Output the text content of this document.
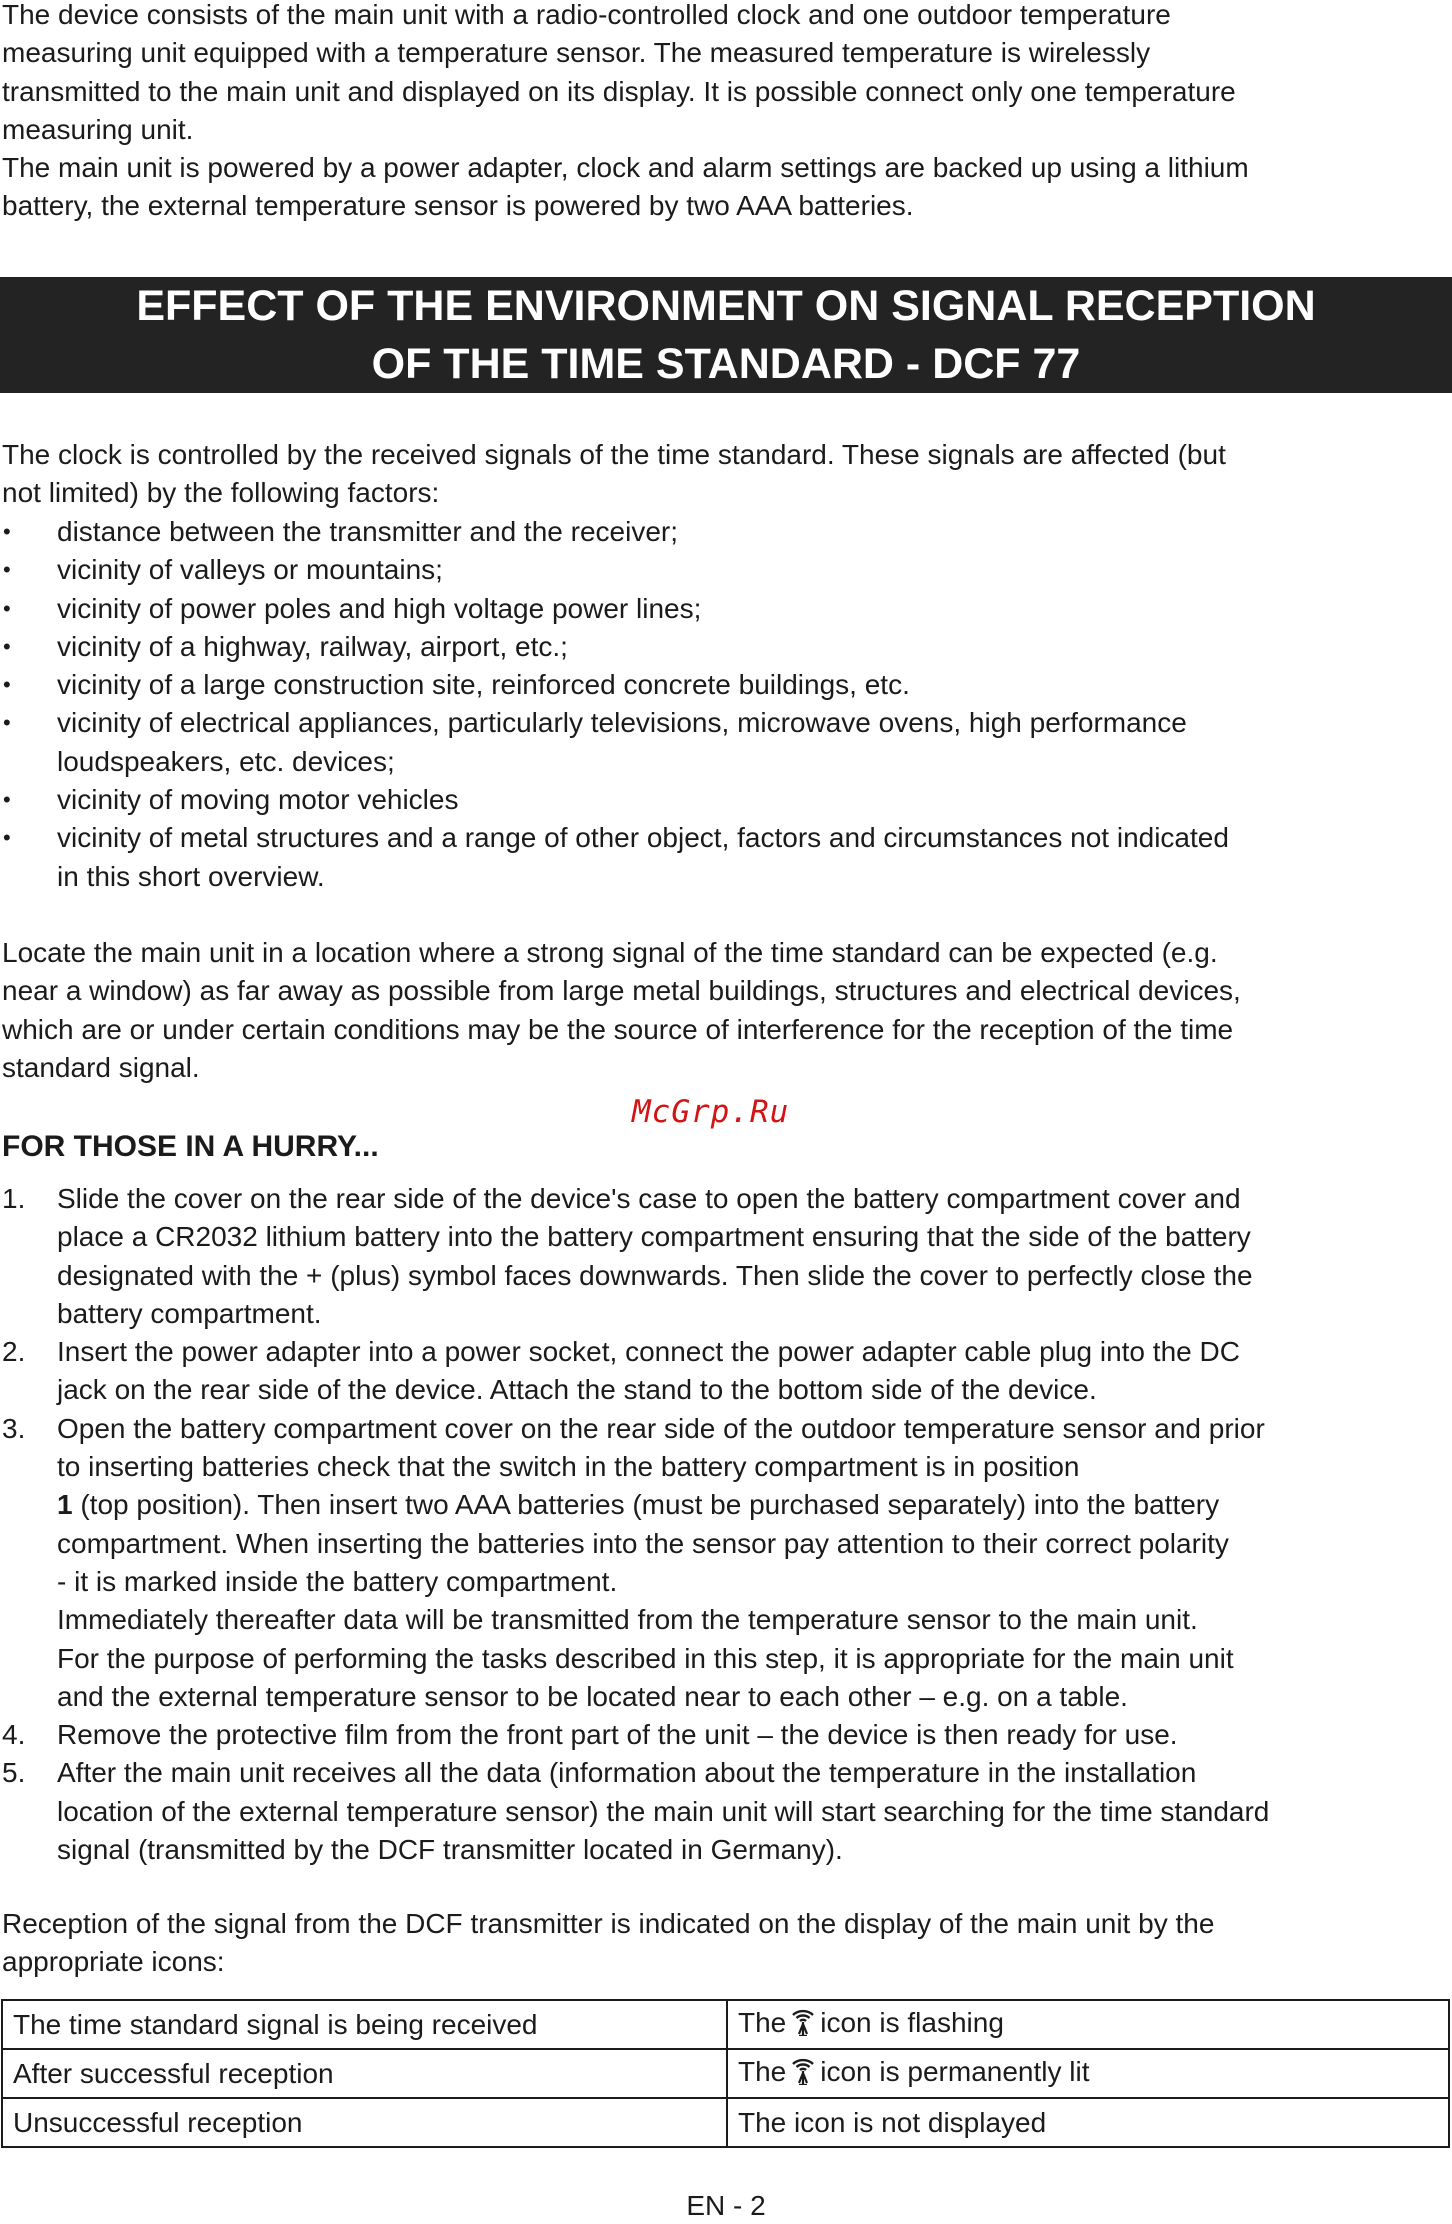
The device consists of the main unit with a radio-controlled clock and one outdoor temperature
measuring unit equipped with a temperature sensor. The measured temperature is wirelessly
transmitted to the main unit and displayed on its display. It is possible connect only one temperature
measuring unit.

The main unit is powered by a power adapter, clock and alarm settings are backed up using a lithium
battery, the external temperature sensor is powered by two AAA batteries.

EFFECT OF THE ENVIRONMENT ON SIGNAL RECEPTION
OF THE TIME STANDARD - DCF 77

The clock is controlled by the received signals of the time standard. These signals are affected (but
not limited) by the following factors:

•	distance between the transmitter and the receiver;
•	vicinity of valleys or mountains;
•	vicinity of power poles and high voltage power lines;
•	vicinity of a highway, railway, airport, etc.;
•	vicinity of a large construction site, reinforced concrete buildings, etc.
•	vicinity of electrical appliances, particularly televisions, microwave ovens, high performance
loudspeakers, etc. devices;
•	vicinity of moving motor vehicles
•	vicinity of metal structures and a range of other object, factors and circumstances not indicated
in this short overview.

Locate the main unit in a location where a strong signal of the time standard can be expected (e.g.
near a window) as far away as possible from large metal buildings, structures and electrical devices,
which are or under certain conditions may be the source of interference for the reception of the time
standard signal.

McGrp.Ru
FOR THOSE IN A HURRY...
1.	Slide the cover on the rear side of the device's case to open the battery compartment cover and
place a CR2032 lithium battery into the battery compartment ensuring that the side of the battery
designated with the + (plus) symbol faces downwards. Then slide the cover to perfectly close the
battery compartment.
2.	Insert the power adapter into a power socket, connect the power adapter cable plug into the DC
jack on the rear side of the device. Attach the stand to the bottom side of the device.
3.	Open the battery compartment cover on the rear side of the outdoor temperature sensor and prior
to inserting batteries check that the switch in the battery compartment is in position
1 (top position). Then insert two AAA batteries (must be purchased separately) into the battery
compartment. When inserting the batteries into the sensor pay attention to their correct polarity
- it is marked inside the battery compartment.
Immediately thereafter data will be transmitted from the temperature sensor to the main unit.
For the purpose of performing the tasks described in this step, it is appropriate for the main unit
and the external temperature sensor to be located near to each other – e.g. on a table.
4.	Remove the protective film from the front part of the unit – the device is then ready for use.
5.	After the main unit receives all the data (information about the temperature in the installation
location of the external temperature sensor) the main unit will start searching for the time standard
signal (transmitted by the DCF transmitter located in Germany).

Reception of the signal from the DCF transmitter is indicated on the display of the main unit by the
appropriate icons:

The time standard signal is being received	The icon is flashing
After successful reception	The icon is permanently lit
Unsuccessful reception	The icon is not displayed
EN - 2
